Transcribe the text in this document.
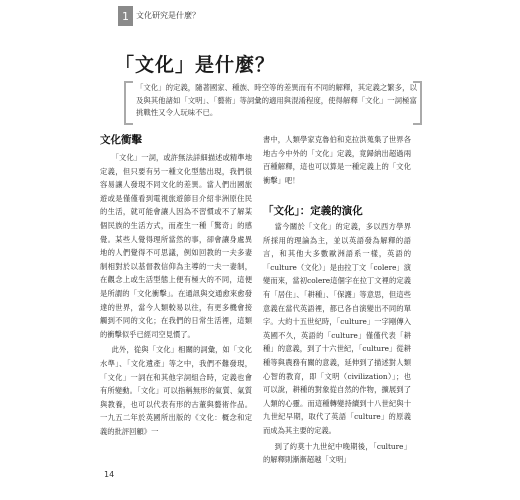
1 文化研究是什麼？
「文化」是什麼？

「文化」的定義，隨著國家、種族、時空等的差異而有不同的解釋，其定義之繁多，以及與其他諸如「文明」、「藝術」等詞彙的適用與混淆程度，使得解釋「文化」一詞極富挑戰性又令人玩味不已。

文化衝擊

「文化」一詞，或許無法詳細描述或精準地定義，但只要有另一種文化型態出現，我們很容易讓人發現不同文化的差異。當人們出國旅遊或是僅僅看到電視旅遊節目介紹非洲原住民的生活，就可能會讓人因為不習慣或不了解某個民族的生活方式，而產生一種「驚奇」的感覺。某些人覺得理所當然的事，卻會讓身處異地的人們覺得不可思議，例如回教的一夫多妻制相對於以基督教信仰為主導的一夫一妻制，在觀念上或生活型態上便有極大的不同，這便是所謂的「文化衝擊」。在通訊與交通愈來愈發達的世界，當今人類較易以往，有更多機會接觸到不同的文化；在我們的日常生活裡，這類的衝擊似乎已經司空見慣了。

此外，從與「文化」相關的詞彙，如「文化水準」、「文化遺產」等之中，我們不難發現，「文化」一詞在和其他字詞組合時，定義也會有所變動。「文化」可以指稱無形的氣質、氣質與教養，也可以代表有形的古董與藝術作品。一九五二年於英國所出版的《文化：概念和定義的批評回顧》一

書中，人類學家克魯伯和克拉洪蒐集了世界各地古今中外的「文化」定義，竟歸納出超過兩百種解釋，這也可以算是一種定義上的「文化衝擊」吧！

「文化」：定義的演化

當今關於「文化」的定義，多以西方學界所採用的理論為主，並以英語發為解釋的語言，和其他大多數歐洲語系一樣，英語的「culture（文化）」是由拉丁文「colere」演變而來，當初colere這個字在拉丁文裡的定義有「居住」、「耕種」、「保護」等意思，但這些意義在當代英語裡，都已各自演變出不同的單字。大約十五世紀時，「culture」一字剛傳入英國不久，英語的「culture」僅僅代表「耕種」的意義，到了十六世紀，「culture」從耕種等與農務有關的意義，延伸到了描述對人類心智的教育，即「文明（civilization）」；也可以說，耕種的對象從自然的作物，擴展到了人類的心靈。而這種轉變持續到十八世紀與十九世紀早期，取代了英語「culture」的原義而成為其主要的定義。

到了約莫十九世紀中晚期後，「culture」的解釋則漸漸超越「文明」

14
